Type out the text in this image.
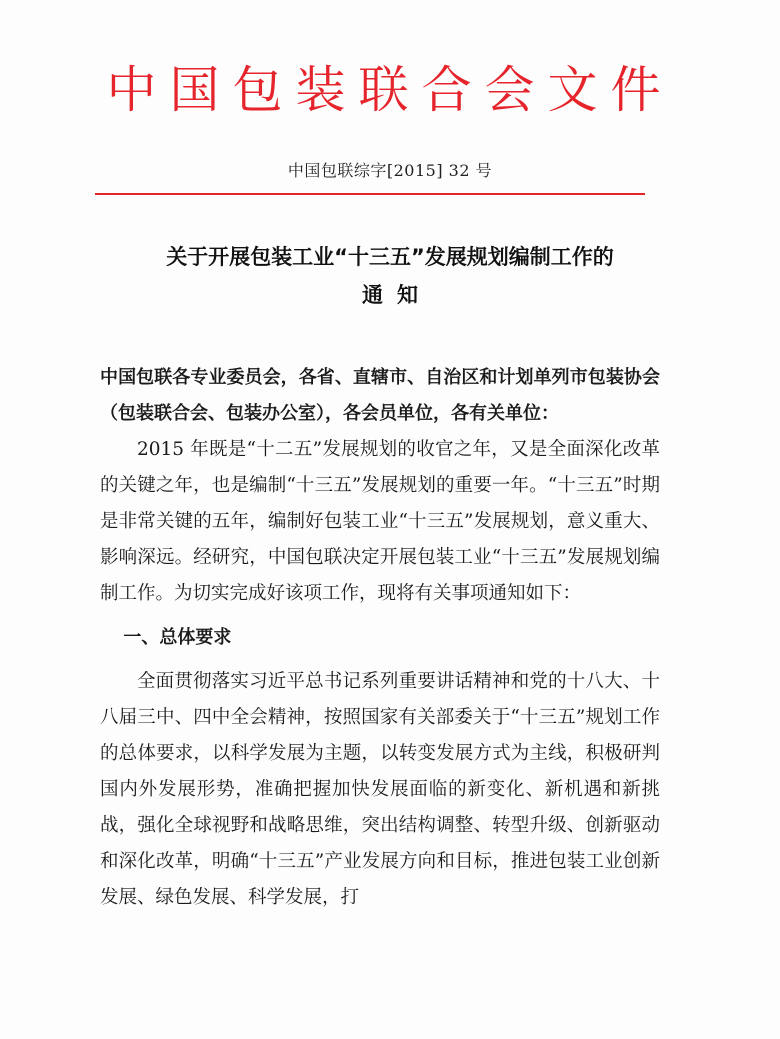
中国包装联合会文件
中国包联综字[2015] 32 号
关于开展包装工业“十三五”发展规划编制工作的
通知

中国包联各专业委员会，各省、直辖市、自治区和计划单列市包装协会（包装联合会、包装办公室），各会员单位，各有关单位：

2015 年既是“十二五”发展规划的收官之年，又是全面深化改革的关键之年，也是编制“十三五”发展规划的重要一年。“十三五”时期是非常关键的五年，编制好包装工业“十三五”发展规划，意义重大、影响深远。经研究，中国包联决定开展包装工业“十三五”发展规划编制工作。为切实完成好该项工作，现将有关事项通知如下：

一、总体要求

全面贯彻落实习近平总书记系列重要讲话精神和党的十八大、十八届三中、四中全会精神，按照国家有关部委关于“十三五”规划工作的总体要求，以科学发展为主题，以转变发展方式为主线，积极研判国内外发展形势，准确把握加快发展面临的新变化、新机遇和新挑战，强化全球视野和战略思维，突出结构调整、转型升级、创新驱动和深化改革，明确“十三五”产业发展方向和目标，推进包装工业创新发展、绿色发展、科学发展，打
